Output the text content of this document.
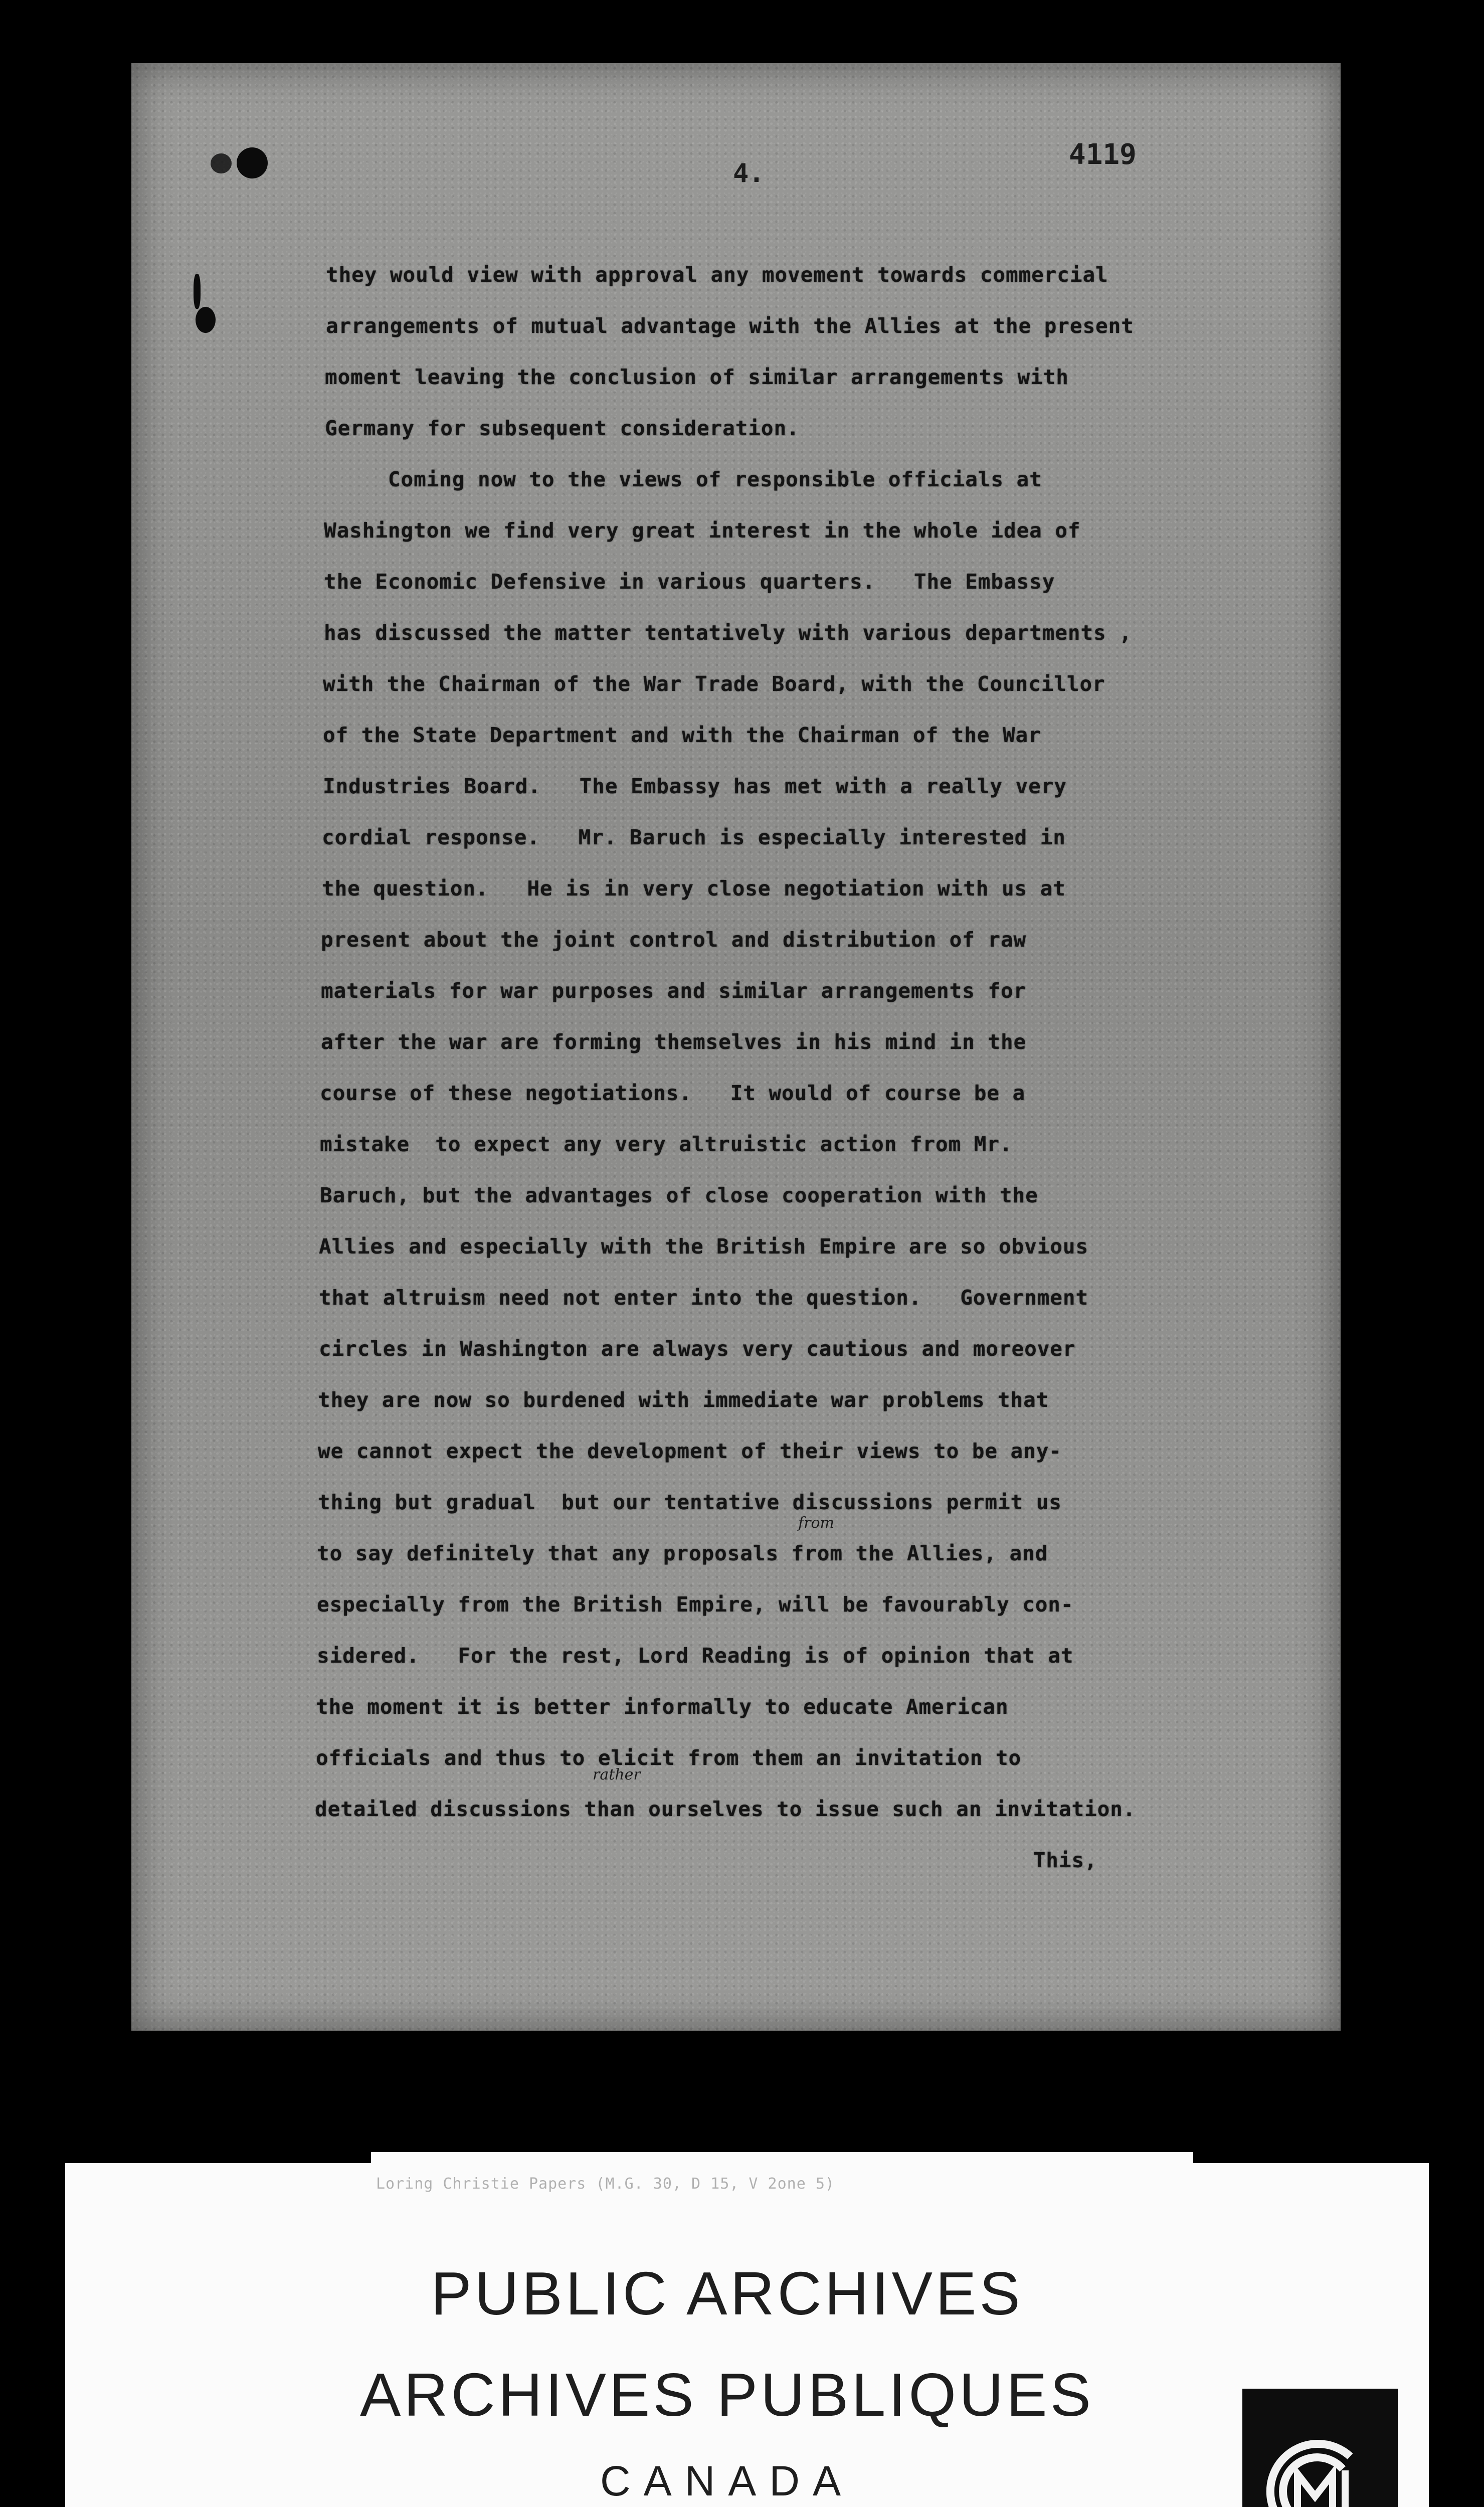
4.
4119
they would view with approval any movement towards commercial
arrangements of mutual advantage with the Allies at the present
moment leaving the conclusion of similar arrangements with
Germany for subsequent consideration.
Coming now to the views of responsible officials at
Washington we find very great interest in the whole idea of
the Economic Defensive in various quarters.   The Embassy
has discussed the matter tentatively with various departments ,
with the Chairman of the War Trade Board, with the Councillor
of the State Department and with the Chairman of the War
Industries Board.   The Embassy has met with a really very
cordial response.   Mr. Baruch is especially interested in
the question.   He is in very close negotiation with us at
present about the joint control and distribution of raw
materials for war purposes and similar arrangements for
after the war are forming themselves in his mind in the
course of these negotiations.   It would of course be a
mistake  to expect any very altruistic action from Mr.
Baruch, but the advantages of close cooperation with the
Allies and especially with the British Empire are so obvious
that altruism need not enter into the question.   Government
circles in Washington are always very cautious and moreover
they are now so burdened with immediate war problems that
we cannot expect the development of their views to be any-
thing but gradual  but our tentative discussions permit us
to say definitely that any proposals from the Allies, and
especially from the British Empire, will be favourably con-
sidered.   For the rest, Lord Reading is of opinion that at
the moment it is better informally to educate American
officials and thus to elicit from them an invitation to
detailed discussions than ourselves to issue such an invitation.
This,
from
rather
Loring Christie Papers (M.G. 30, D 15, V 2one 5)
PUBLIC ARCHIVES
ARCHIVES PUBLIQUES
CANADA
